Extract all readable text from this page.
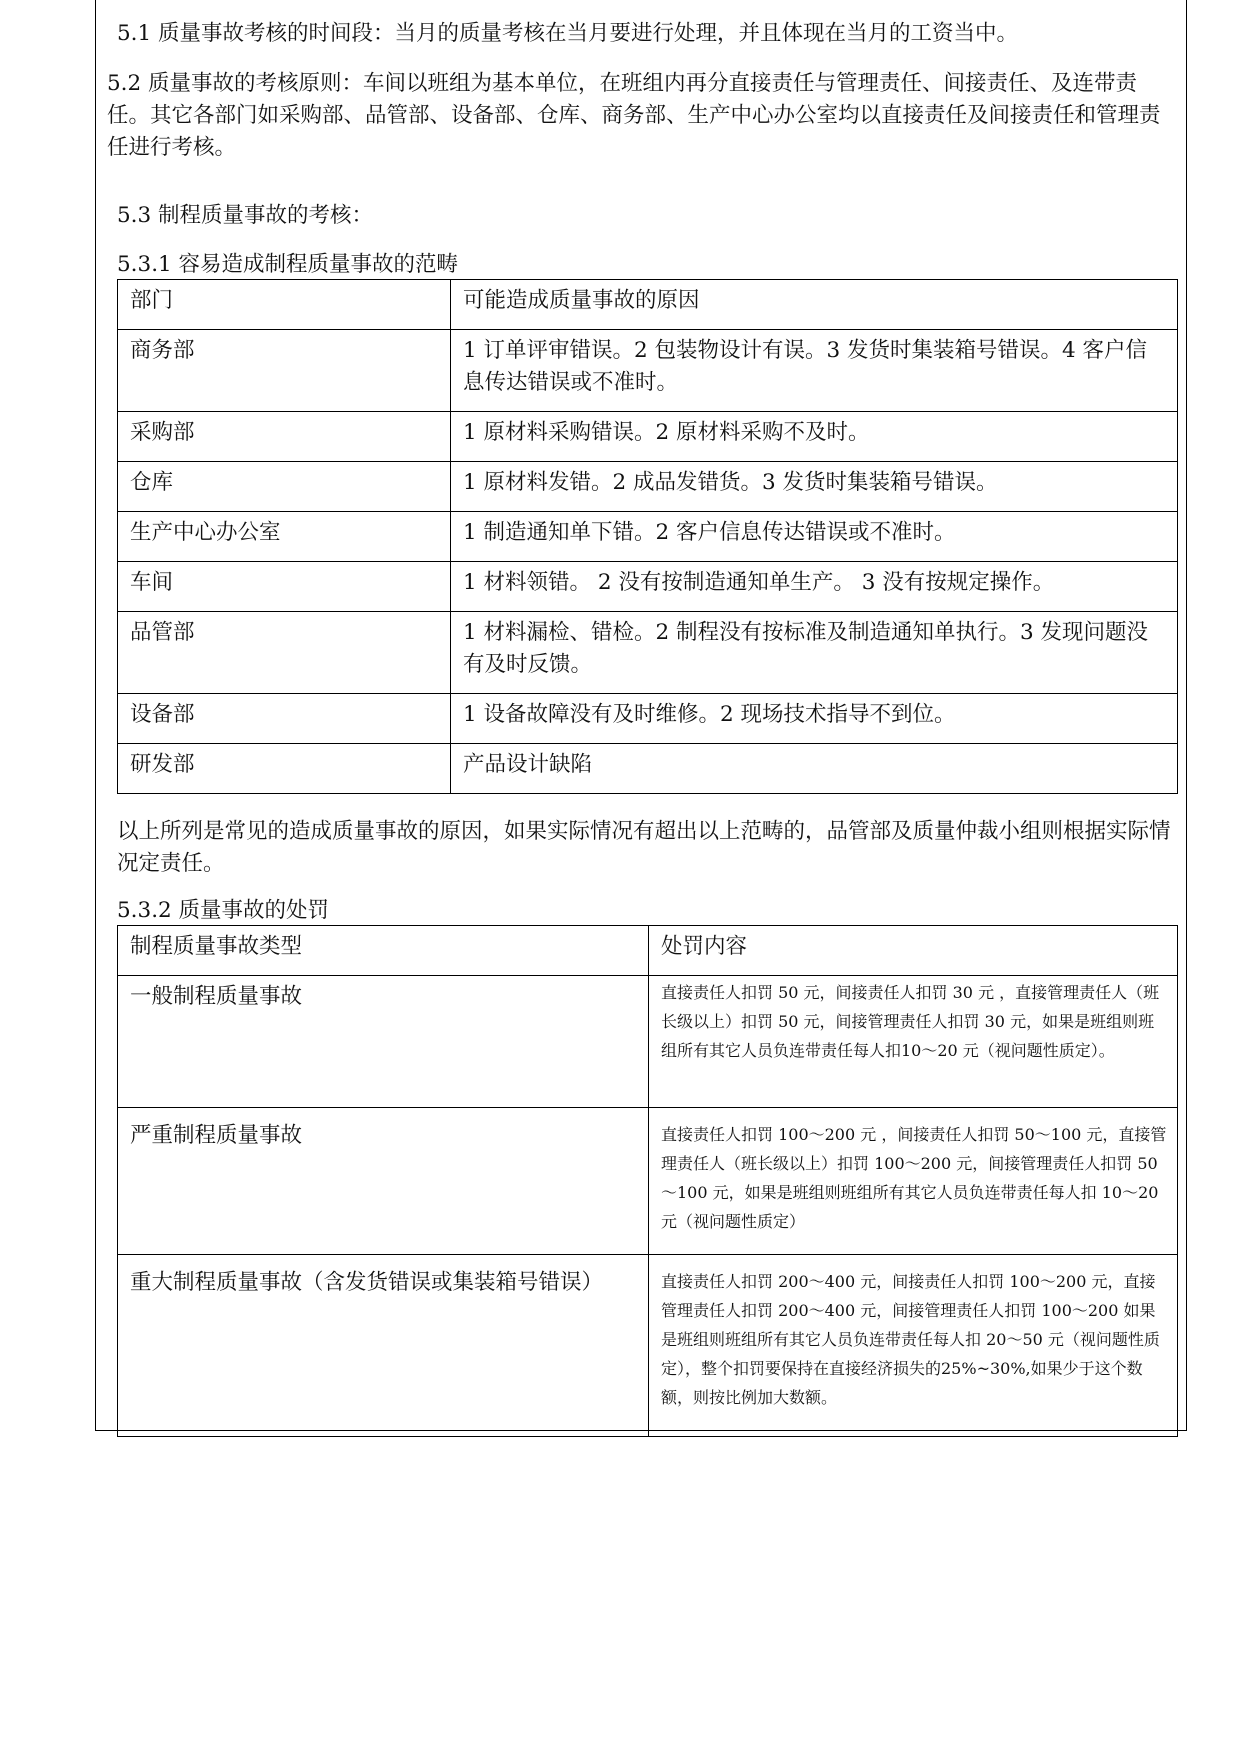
5.1 质量事故考核的时间段：当月的质量考核在当月要进行处理，并且体现在当月的工资当中。
5.2 质量事故的考核原则：车间以班组为基本单位，在班组内再分直接责任与管理责任、间接责任、及连带责任。其它各部门如采购部、品管部、设备部、仓库、商务部、生产中心办公室均以直接责任及间接责任和管理责任进行考核。
5.3 制程质量事故的考核：
5.3.1 容易造成制程质量事故的范畴
部门	可能造成质量事故的原因
商务部	1 订单评审错误。2 包装物设计有误。3 发货时集装箱号错误。4 客户信息传达错误或不准时。
采购部	1 原材料采购错误。2 原材料采购不及时。
仓库	1 原材料发错。2 成品发错货。3 发货时集装箱号错误。
生产中心办公室	1 制造通知单下错。2 客户信息传达错误或不准时。
车间	1 材料领错。 2 没有按制造通知单生产。 3 没有按规定操作。
品管部	1 材料漏检、错检。2 制程没有按标准及制造通知单执行。3 发现问题没有及时反馈。
设备部	1 设备故障没有及时维修。2 现场技术指导不到位。
研发部	产品设计缺陷
以上所列是常见的造成质量事故的原因，如果实际情况有超出以上范畴的，品管部及质量仲裁小组则根据实际情况定责任。
5.3.2 质量事故的处罚
制程质量事故类型	处罚内容
一般制程质量事故	直接责任人扣罚 50 元，间接责任人扣罚 30 元 ，直接管理责任人（班长级以上）扣罚 50 元，间接管理责任人扣罚 30 元，如果是班组则班组所有其它人员负连带责任每人扣10～20 元（视问题性质定）。
严重制程质量事故	直接责任人扣罚 100～200 元 ，间接责任人扣罚 50～100 元，直接管理责任人（班长级以上）扣罚 100～200 元，间接管理责任人扣罚 50～100 元，如果是班组则班组所有其它人员负连带责任每人扣 10～20 元（视问题性质定）
重大制程质量事故（含发货错误或集装箱号错误）	直接责任人扣罚 200～400 元，间接责任人扣罚 100～200 元，直接管理责任人扣罚 200～400 元，间接管理责任人扣罚 100～200 如果是班组则班组所有其它人员负连带责任每人扣 20～50 元（视问题性质定），整个扣罚要保持在直接经济损失的25%~30%,如果少于这个数额，则按比例加大数额。
